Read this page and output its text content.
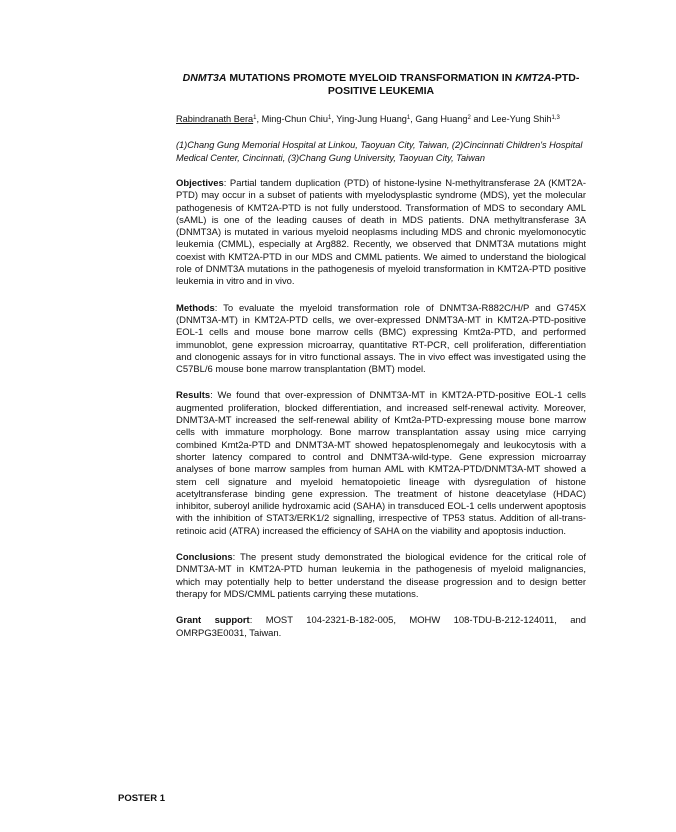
DNMT3A MUTATIONS PROMOTE MYELOID TRANSFORMATION IN KMT2A-PTD-POSITIVE LEUKEMIA

Rabindranath Bera$^1$, Ming-Chun Chiu$^1$, Ying-Jung Huang$^1$, Gang Huang$^2$ and Lee-Yung Shih$^{1,3}$
(1)Chang Gung Memorial Hospital at Linkou, Taoyuan City, Taiwan, (2)Cincinnati Children's Hospital Medical Center, Cincinnati, (3)Chang Gung University, Taoyuan City, Taiwan

Objectives: Partial tandem duplication (PTD) of histone-lysine N-methyltransferase 2A (KMT2A-PTD) may occur in a subset of patients with myelodysplastic syndrome (MDS), yet the molecular pathogenesis of KMT2A-PTD is not fully understood. Transformation of MDS to secondary AML (sAML) is one of the leading causes of death in MDS patients. DNA methyltransferase 3A (DNMT3A) is mutated in various myeloid neoplasms including MDS and chronic myelomonocytic leukemia (CMML), especially at Arg882. Recently, we observed that DNMT3A mutations might coexist with KMT2A-PTD in our MDS and CMML patients. We aimed to understand the biological role of DNMT3A mutations in the pathogenesis of myeloid transformation in KMT2A-PTD positive leukemia in vitro and in vivo.

Methods: To evaluate the myeloid transformation role of DNMT3A-R882C/H/P and G745X (DNMT3A-MT) in KMT2A-PTD cells, we over-expressed DNMT3A-MT in KMT2A-PTD-positive EOL-1 cells and mouse bone marrow cells (BMC) expressing Kmt2a-PTD, and performed immunoblot, gene expression microarray, quantitative RT-PCR, cell proliferation, differentiation and clonogenic assays for in vitro functional assays. The in vivo effect was investigated using the C57BL/6 mouse bone marrow transplantation (BMT) model.

Results: We found that over-expression of DNMT3A-MT in KMT2A-PTD-positive EOL-1 cells augmented proliferation, blocked differentiation, and increased self-renewal activity. Moreover, DNMT3A-MT increased the self-renewal ability of Kmt2a-PTD-expressing mouse bone marrow cells with immature morphology. Bone marrow transplantation assay using mice carrying combined Kmt2a-PTD and DNMT3A-MT showed hepatosplenomegaly and leukocytosis with a shorter latency compared to control and DNMT3A-wild-type. Gene expression microarray analyses of bone marrow samples from human AML with KMT2A-PTD/DNMT3A-MT showed a stem cell signature and myeloid hematopoietic lineage with dysregulation of histone acetyltransferase binding gene expression. The treatment of histone deacetylase (HDAC) inhibitor, suberoyl anilide hydroxamic acid (SAHA) in transduced EOL-1 cells underwent apoptosis with the inhibition of STAT3/ERK1/2 signalling, irrespective of TP53 status. Addition of all-trans-retinoic acid (ATRA) increased the efficiency of SAHA on the viability and apoptosis induction.

Conclusions: The present study demonstrated the biological evidence for the critical role of DNMT3A-MT in KMT2A-PTD human leukemia in the pathogenesis of myeloid malignancies, which may potentially help to better understand the disease progression and to design better therapy for MDS/CMML patients carrying these mutations.

Grant support: MOST 104-2321-B-182-005, MOHW 108-TDU-B-212-124011, and OMRPG3E0031, Taiwan.

POSTER 1
